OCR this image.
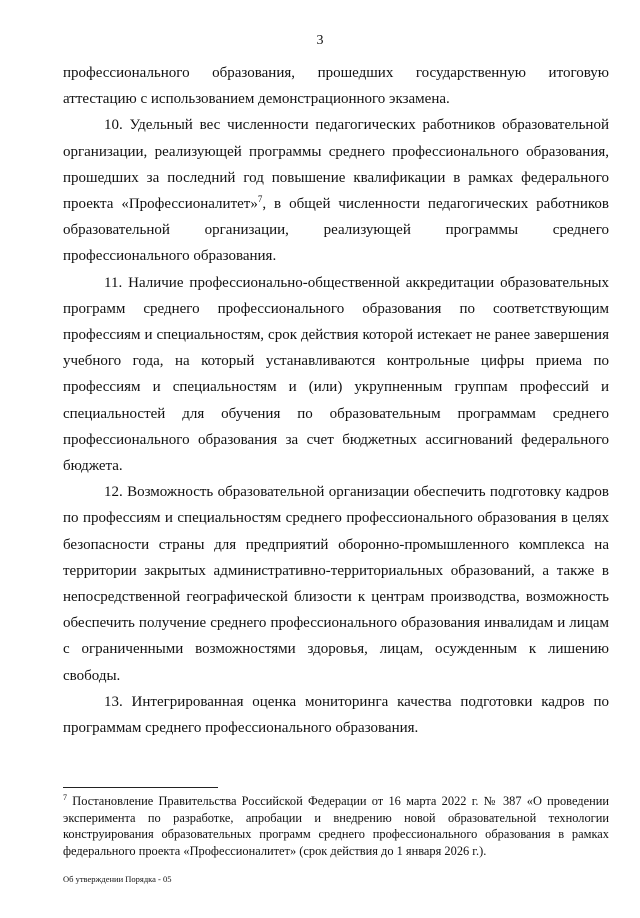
3

профессионального образования, прошедших государственную итоговую аттестацию с использованием демонстрационного экзамена.

10. Удельный вес численности педагогических работников образовательной организации, реализующей программы среднего профессионального образования, прошедших за последний год повышение квалификации в рамках федерального проекта «Профессионалитет»$^7$, в общей численности педагогических работников образовательной организации, реализующей программы среднего профессионального образования.

11. Наличие профессионально-общественной аккредитации образовательных программ среднего профессионального образования по соответствующим профессиям и специальностям, срок действия которой истекает не ранее завершения учебного года, на который устанавливаются контрольные цифры приема по профессиям и специальностям и (или) укрупненным группам профессий и специальностей для обучения по образовательным программам среднего профессионального образования за счет бюджетных ассигнований федерального бюджета.

12. Возможность образовательной организации обеспечить подготовку кадров по профессиям и специальностям среднего профессионального образования в целях безопасности страны для предприятий оборонно-промышленного комплекса на территории закрытых административно-территориальных образований, а также в непосредственной географической близости к центрам производства, возможность обеспечить получение среднего профессионального образования инвалидам и лицам с ограниченными возможностями здоровья, лицам, осужденным к лишению свободы.

13. Интегрированная оценка мониторинга качества подготовки кадров по программам среднего профессионального образования.

$^7$ Постановление Правительства Российской Федерации от 16 марта 2022 г. № 387 «О проведении эксперимента по разработке, апробации и внедрению новой образовательной технологии конструирования образовательных программ среднего профессионального образования в рамках федерального проекта «Профессионалитет» (срок действия до 1 января 2026 г.).

Об утверждении Порядка - 05
